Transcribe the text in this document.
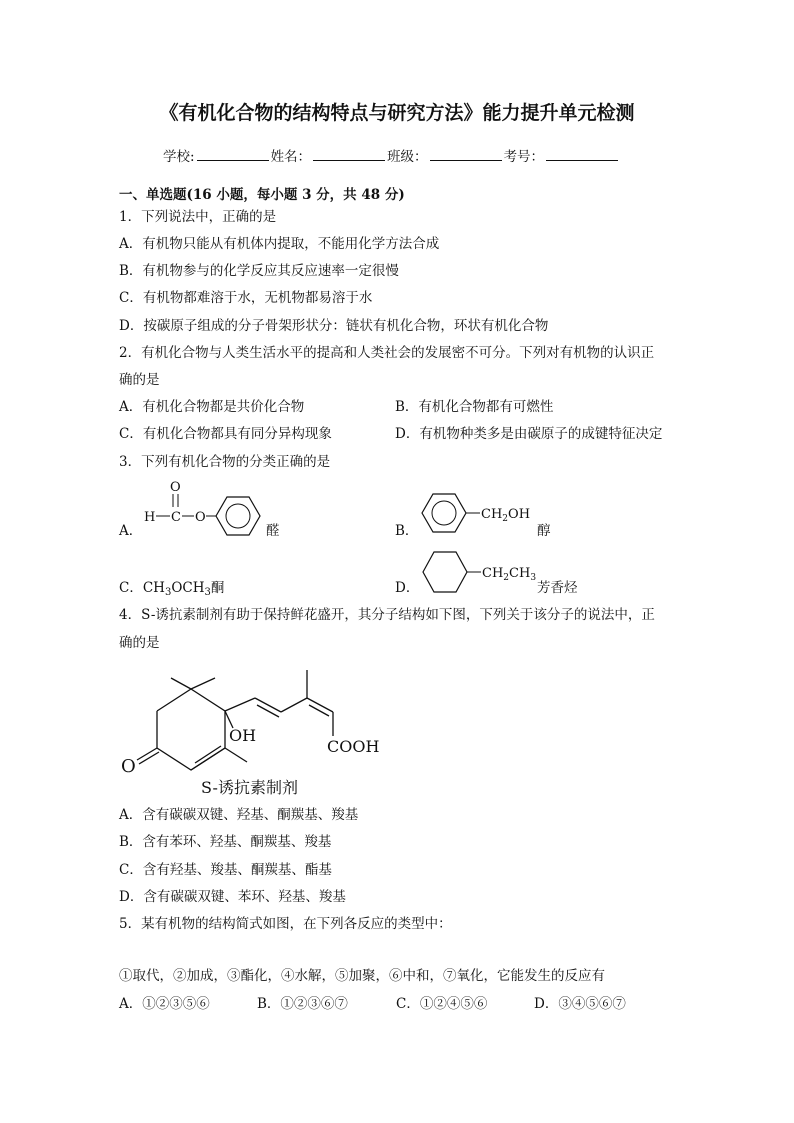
《有机化合物的结构特点与研究方法》能力提升单元检测
学校:	姓名：	班级：	考号：
一、单选题(16 小题，每小题 3 分，共 48 分)
1．下列说法中，正确的是
A．有机物只能从有机体内提取，不能用化学方法合成
B．有机物参与的化学反应其反应速率一定很慢
C．有机物都难溶于水，无机物都易溶于水
D．按碳原子组成的分子骨架形状分：链状有机化合物，环状有机化合物
2．有机化合物与人类生活水平的提高和人类社会的发展密不可分。下列对有机物的认识正
确的是
A．有机化合物都是共价化合物	B．有机化合物都有可燃性
C．有机化合物都具有同分异构现象	D．有机物种类多是由碳原子的成键特征决定
3．下列有机化合物的分类正确的是
A．
H C
O
O
醛	B．
$CH_2OH$
醇
C．$CH_3OCH_3$酮	D．
$CH_2CH_3$
芳香烃
4．S-诱抗素制剂有助于保持鲜花盛开，其分子结构如下图，下列关于该分子的说法中，正
确的是
OH
COOH
O
S-诱抗素制剂
A．含有碳碳双键、羟基、酮羰基、羧基
B．含有苯环、羟基、酮羰基、羧基
C．含有羟基、羧基、酮羰基、酯基
D．含有碳碳双键、苯环、羟基、羧基
5．某有机物的结构简式如图，在下列各反应的类型中：
①取代，②加成，③酯化，④水解，⑤加聚，⑥中和，⑦氧化，它能发生的反应有
A．①②③⑤⑥	B．①②③⑥⑦	C．①②④⑤⑥	D．③④⑤⑥⑦
